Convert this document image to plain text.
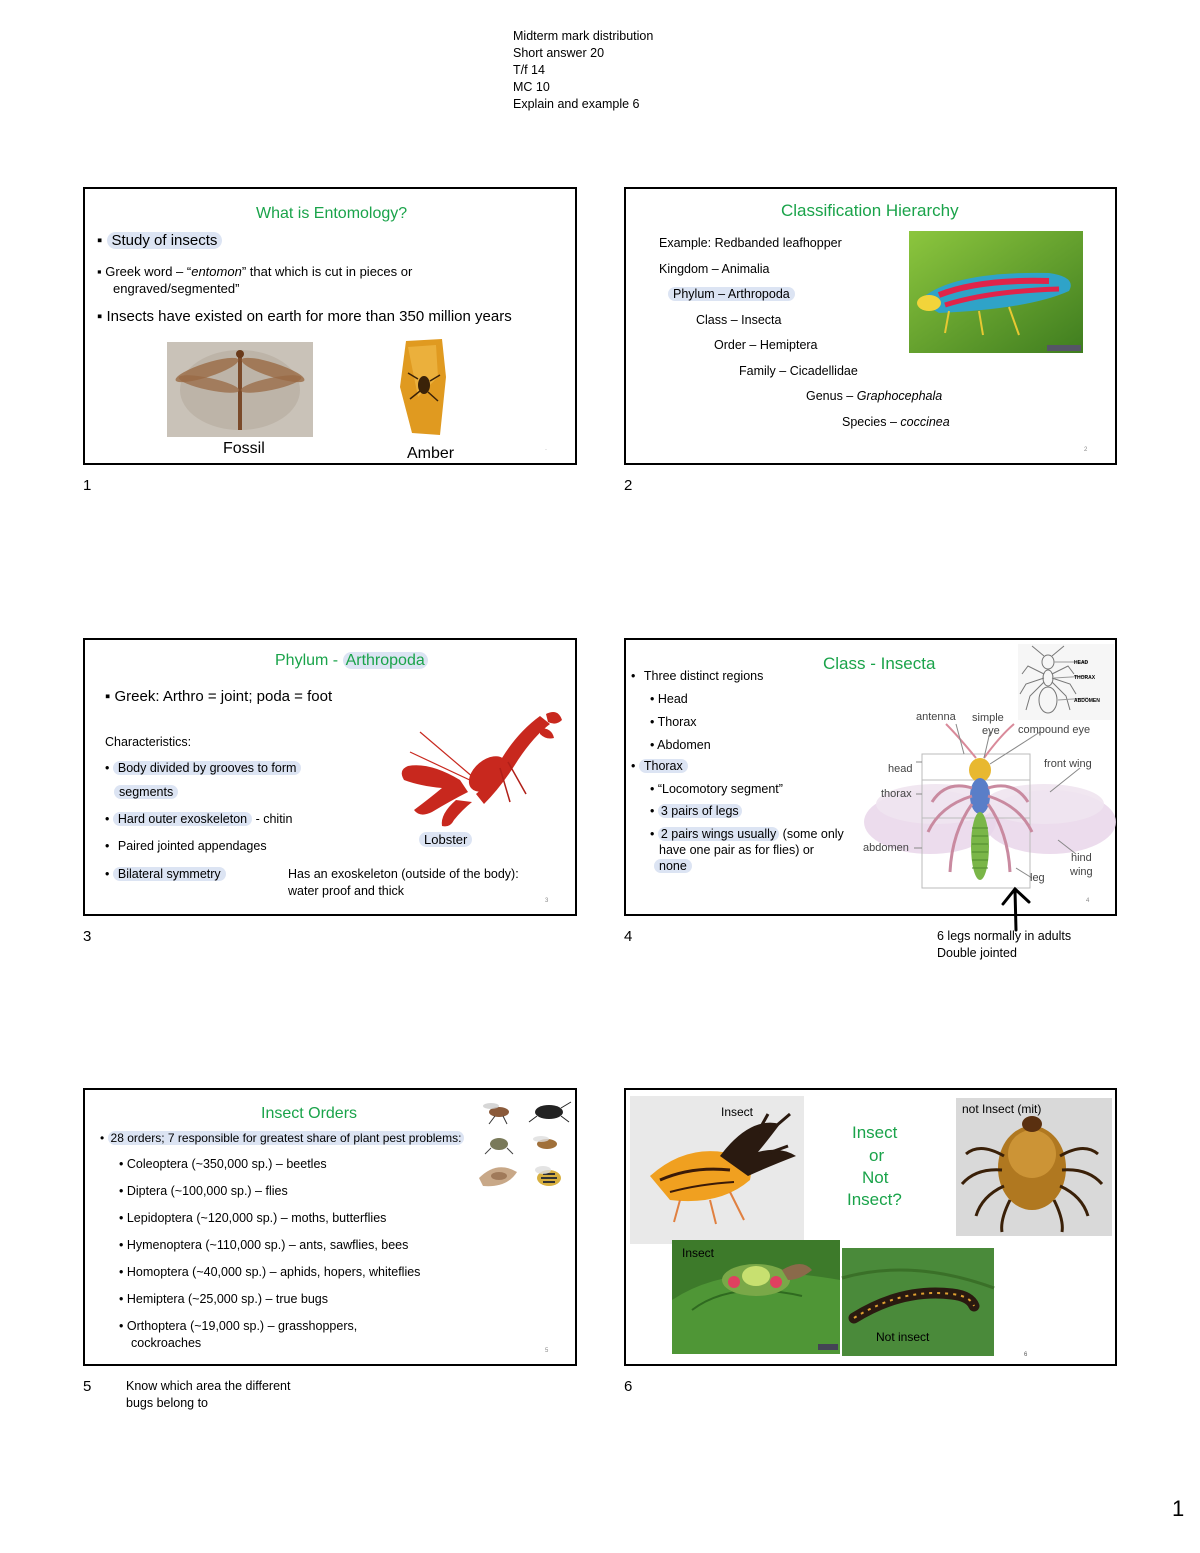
Midterm mark distribution
Short answer 20
T/f 14
MC 10
Explain and example 6
What is Entomology?
▪ Study of insects
▪ Greek word – “entomon” that which is cut in pieces or
engraved/segmented”
▪ Insects have existed on earth for more than 350 million years
Fossil	Amber	·
1
Classification Hierarchy
Example: Redbanded leafhopper
Kingdom – Animalia
Phylum – Arthropoda
Class – Insecta
Order – Hemiptera
Family – Cicadellidae
Genus – Graphocephala
Species – coccinea
2
2
Phylum - Arthropoda
▪ Greek: Arthro = joint; poda = foot
Characteristics:
• Body divided by grooves to form
segments
• Hard outer exoskeleton - chitin
• Paired jointed appendages
• Bilateral symmetry
Lobster
Has an exoskeleton (outside of the body):
water proof and thick
3
3
Class - Insecta
• Three distinct regions
• Head
• Thorax
• Abdomen
• Thorax
• “Locomotory segment”
• 3 pairs of legs
• 2 pairs wings usually (some only
have one pair as for flies) or
none
HEAD
THORAX
ABDOMEN
antenna simple
eye compound eye
head
thorax
abdomen
front wing
hind
wing
leg
4
4	6 legs normally in adults
Double jointed
Insect Orders
• 28 orders; 7 responsible for greatest share of plant pest problems:
• Coleoptera (~350,000 sp.) – beetles
• Diptera (~100,000 sp.) – flies
• Lepidoptera (~120,000 sp.) – moths, butterflies
• Hymenoptera (~110,000 sp.) – ants, sawflies, bees
• Homoptera (~40,000 sp.) – aphids, hopers, whiteflies
• Hemiptera (~25,000 sp.) – true bugs
• Orthoptera (~19,000 sp.) – grasshoppers,
cockroaches
5
5	Know which area the different
bugs belong to
Insect
Insect
or
Not
Insect?
not Insect (mit)
Insect
Not insect
6
6
1
